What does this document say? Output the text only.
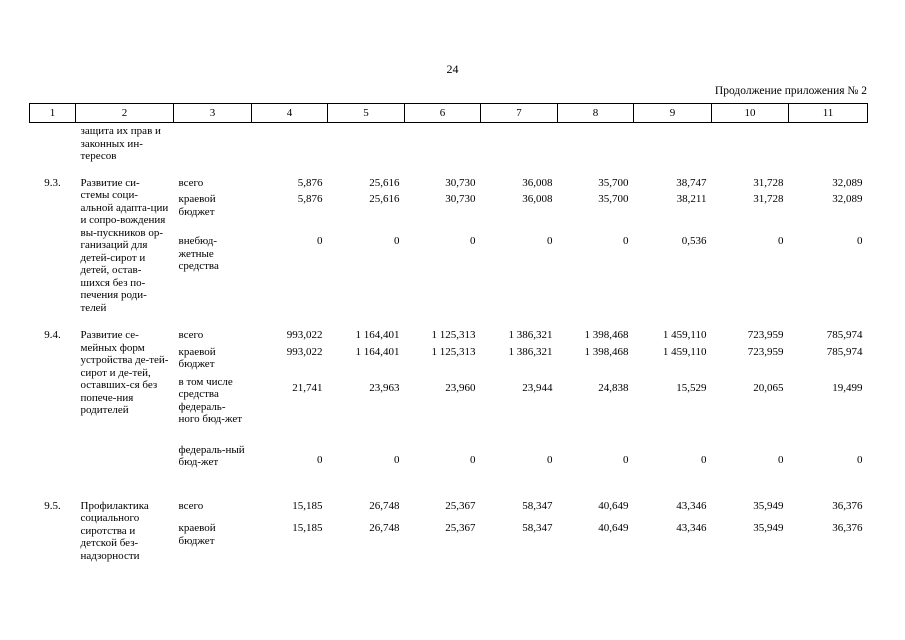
24
Продолжение приложения № 2
1	2	3	4	5	6	7	8	9	10	11
	защита их прав и законных ин-тересов									
9.3.	Развитие си-стемы соци-альной адапта-ции и сопро-вождения вы-пускников ор-ганизаций для детей-сирот и детей, остав-шихся без по-печения роди-телей	всего	5,876	25,616	30,730	36,008	35,700	38,747	31,728	32,089
		краевой бюджет	5,876	25,616	30,730	36,008	35,700	38,211	31,728	32,089
		внебюд-жетные средства	0	0	0	0	0	0,536	0	0
9.4.	Развитие се-мейных форм устройства де-тей-сирот и де-тей, оставших-ся без попече-ния родителей	всего	993,022	1 164,401	1 125,313	1 386,321	1 398,468	1 459,110	723,959	785,974
		краевой бюджет	993,022	1 164,401	1 125,313	1 386,321	1 398,468	1 459,110	723,959	785,974
		в том числе средства федераль-ного бюд-жет	21,741	23,963	23,960	23,944	24,838	15,529	20,065	19,499
		федераль-ный бюд-жет	0	0	0	0	0	0	0	0
9.5.	Профилактика социального сиротства и детской без-надзорности	всего	15,185	26,748	25,367	58,347	40,649	43,346	35,949	36,376
		краевой бюджет	15,185	26,748	25,367	58,347	40,649	43,346	35,949	36,376
